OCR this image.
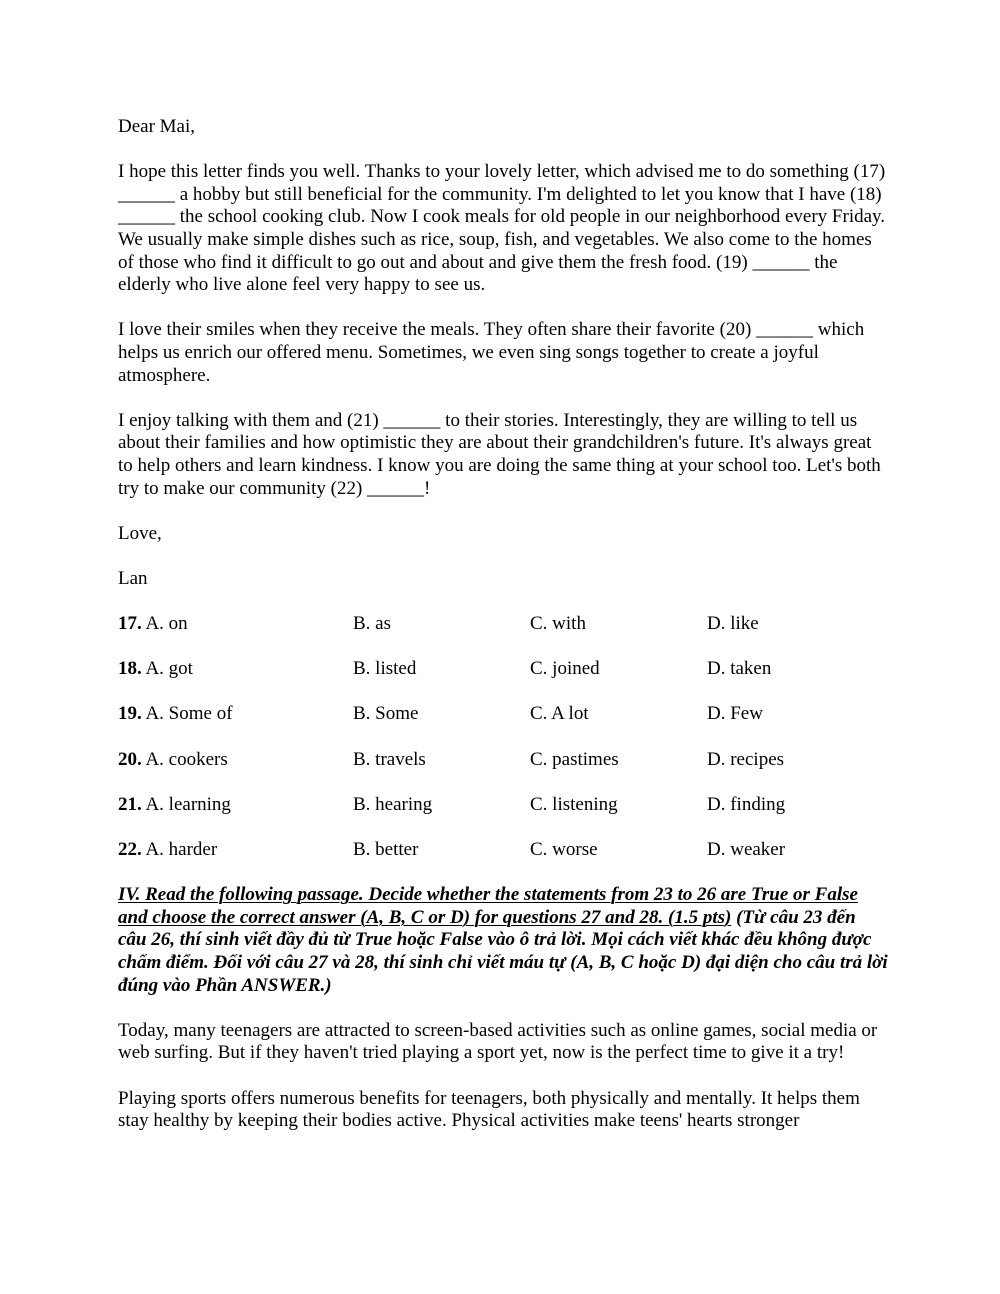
Dear Mai,

I hope this letter finds you well. Thanks to your lovely letter, which advised me to do something (17) ______ a hobby but still beneficial for the community. I'm delighted to let you know that I have (18) ______ the school cooking club. Now I cook meals for old people in our neighborhood every Friday. We usually make simple dishes such as rice, soup, fish, and vegetables. We also come to the homes of those who find it difficult to go out and about and give them the fresh food. (19) ______ the elderly who live alone feel very happy to see us.

I love their smiles when they receive the meals. They often share their favorite (20) ______ which helps us enrich our offered menu. Sometimes, we even sing songs together to create a joyful atmosphere.

I enjoy talking with them and (21) ______ to their stories. Interestingly, they are willing to tell us about their families and how optimistic they are about their grandchildren's future. It's always great to help others and learn kindness. I know you are doing the same thing at your school too. Let's both try to make our community (22) ______!

Love,

Lan

17. A. on	B. as	C. with	D. like
18. A. got	B. listed	C. joined	D. taken
19. A. Some of	B. Some	C. A lot	D. Few
20. A. cookers	B. travels	C. pastimes	D. recipes
21. A. learning	B. hearing	C. listening	D. finding
22. A. harder	B. better	C. worse	D. weaker

IV. Read the following passage. Decide whether the statements from 23 to 26 are True or False and choose the correct answer (A, B, C or D) for questions 27 and 28. (1.5 pts) (Từ câu 23 đến câu 26, thí sinh viết đầy đủ từ True hoặc False vào ô trả lời. Mọi cách viết khác đều không được chấm điểm. Đối với câu 27 và 28, thí sinh chỉ viết máu tự (A, B, C hoặc D) đại diện cho câu trả lời đúng vào Phần ANSWER.)

Today, many teenagers are attracted to screen-based activities such as online games, social media or web surfing. But if they haven't tried playing a sport yet, now is the perfect time to give it a try!

Playing sports offers numerous benefits for teenagers, both physically and mentally. It helps them stay healthy by keeping their bodies active. Physical activities make teens' hearts stronger
